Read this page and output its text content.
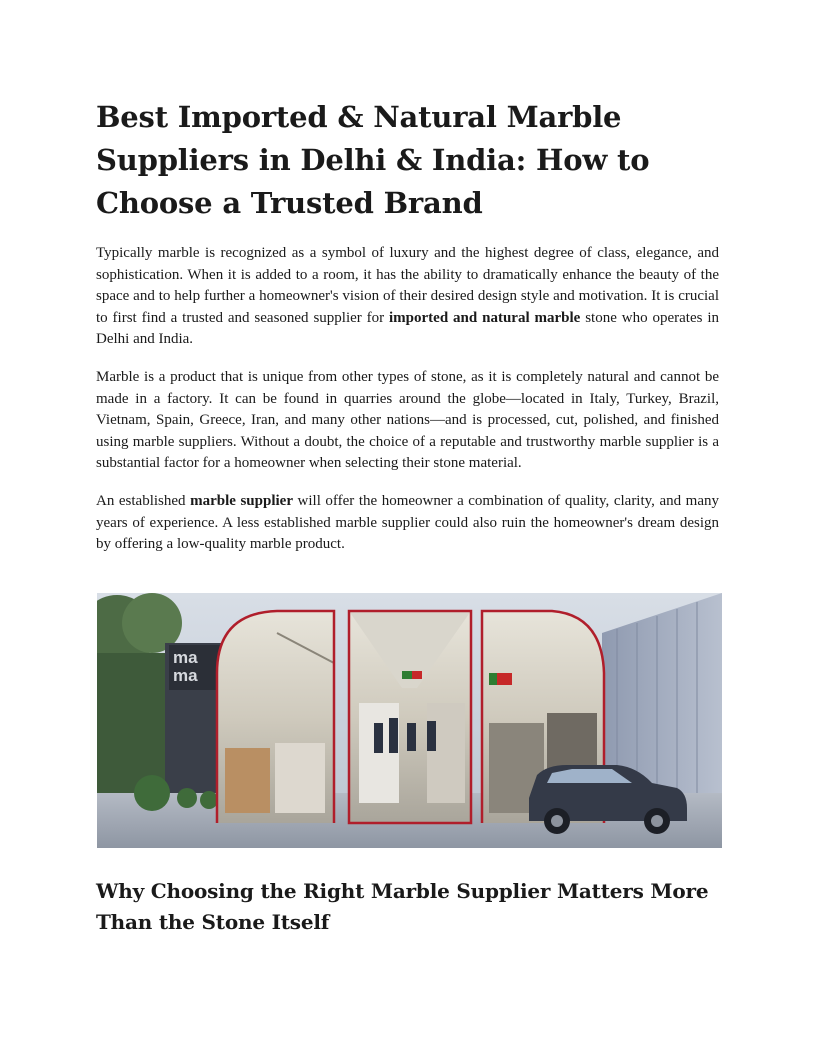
Best Imported & Natural Marble Suppliers in Delhi & India: How to Choose a Trusted Brand

Typically marble is recognized as a symbol of luxury and the highest degree of class, elegance, and sophistication. When it is added to a room, it has the ability to dramatically enhance the beauty of the space and to help further a homeowner's vision of their desired design style and motivation. It is crucial to first find a trusted and seasoned supplier for imported and natural marble stone who operates in Delhi and India.

Marble is a product that is unique from other types of stone, as it is completely natural and cannot be made in a factory. It can be found in quarries around the globe—located in Italy, Turkey, Brazil, Vietnam, Spain, Greece, Iran, and many other nations—and is processed, cut, polished, and finished using marble suppliers. Without a doubt, the choice of a reputable and trustworthy marble supplier is a substantial factor for a homeowner when selecting their stone material.

An established marble supplier will offer the homeowner a combination of quality, clarity, and many years of experience. A less established marble supplier could also ruin the homeowner's dream design by offering a low-quality marble product.

ma
ma
Why Choosing the Right Marble Supplier Matters More Than the Stone Itself
